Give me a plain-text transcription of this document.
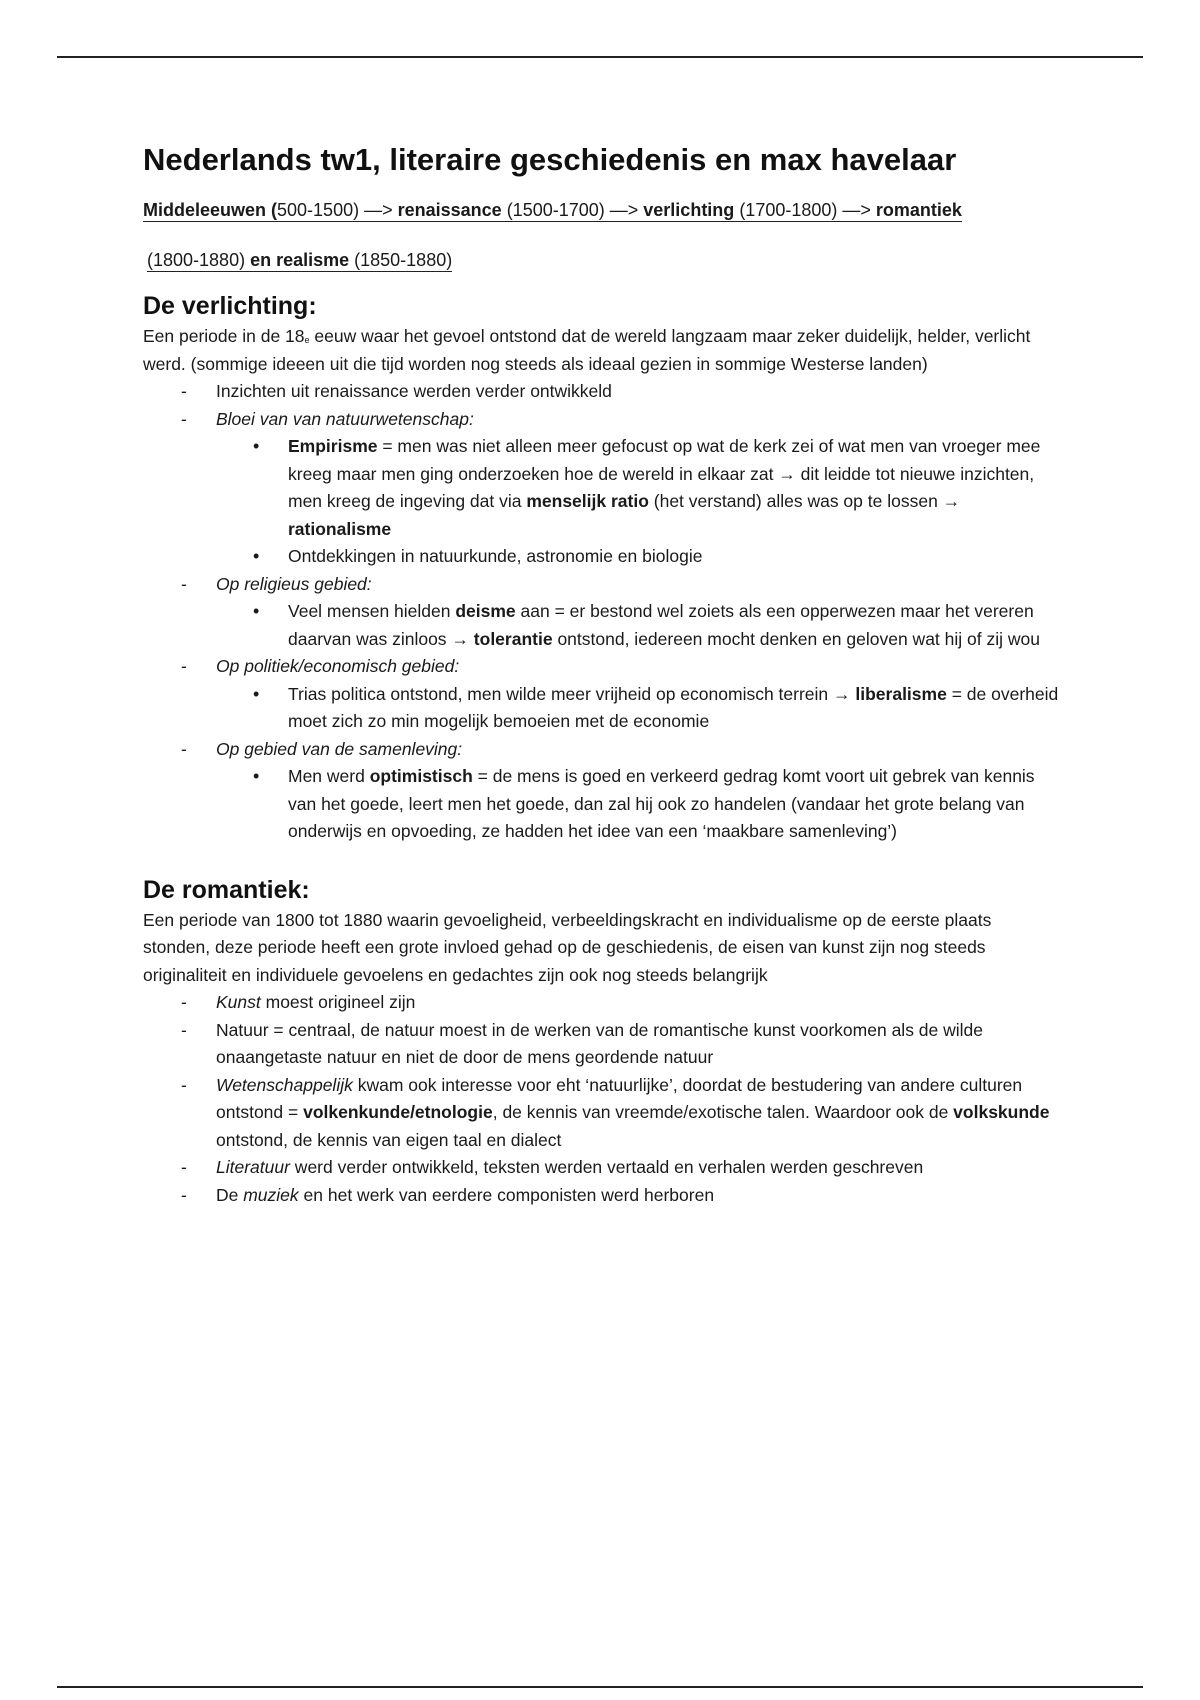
Nederlands tw1, literaire geschiedenis en max havelaar

Middeleeuwen (500-1500) —> renaissance (1500-1700) —> verlichting (1700-1800) —> romantiek

(1800-1880) en realisme (1850-1880)

De verlichting:

Een periode in de 18e eeuw waar het gevoel ontstond dat de wereld langzaam maar zeker duidelijk, helder, verlicht werd. (sommige ideeen uit die tijd worden nog steeds als ideaal gezien in sommige Westerse landen)

- Inzichten uit renaissance werden verder ontwikkeld
-	Bloei van van natuurwetenschap:
• Empirisme = men was niet alleen meer gefocust op wat de kerk zei of wat men van vroeger mee kreeg maar men ging onderzoeken hoe de wereld in elkaar zat → dit leidde tot nieuwe inzichten, men kreeg de ingeving dat via menselijk ratio (het verstand) alles was op te lossen → rationalisme
• Ontdekkingen in natuurkunde, astronomie en biologie
-	Op religieus gebied:
• Veel mensen hielden deisme aan = er bestond wel zoiets als een opperwezen maar het vereren daarvan was zinloos → tolerantie ontstond, iedereen mocht denken en geloven wat hij of zij wou
-	Op politiek/economisch gebied:
• Trias politica ontstond, men wilde meer vrijheid op economisch terrein → liberalisme = de overheid moet zich zo min mogelijk bemoeien met de economie
-	Op gebied van de samenleving:
• Men werd optimistisch = de mens is goed en verkeerd gedrag komt voort uit gebrek van kennis van het goede, leert men het goede, dan zal hij ook zo handelen (vandaar het grote belang van onderwijs en opvoeding, ze hadden het idee van een ‘maakbare samenleving’)
De romantiek:

Een periode van 1800 tot 1880 waarin gevoeligheid, verbeeldingskracht en individualisme op de eerste plaats stonden, deze periode heeft een grote invloed gehad op de geschiedenis, de eisen van kunst zijn nog steeds originaliteit en individuele gevoelens en gedachtes zijn ook nog steeds belangrijk

- Kunst moest origineel zijn
- Natuur = centraal, de natuur moest in de werken van de romantische kunst voorkomen als de wilde onaangetaste natuur en niet de door de mens geordende natuur
- Wetenschappelijk kwam ook interesse voor eht ‘natuurlijke’, doordat de bestudering van andere culturen ontstond = volkenkunde/etnologie, de kennis van vreemde/exotische talen. Waardoor ook de volkskunde ontstond, de kennis van eigen taal en dialect
- Literatuur werd verder ontwikkeld, teksten werden vertaald en verhalen werden geschreven
- De muziek en het werk van eerdere componisten werd herboren
